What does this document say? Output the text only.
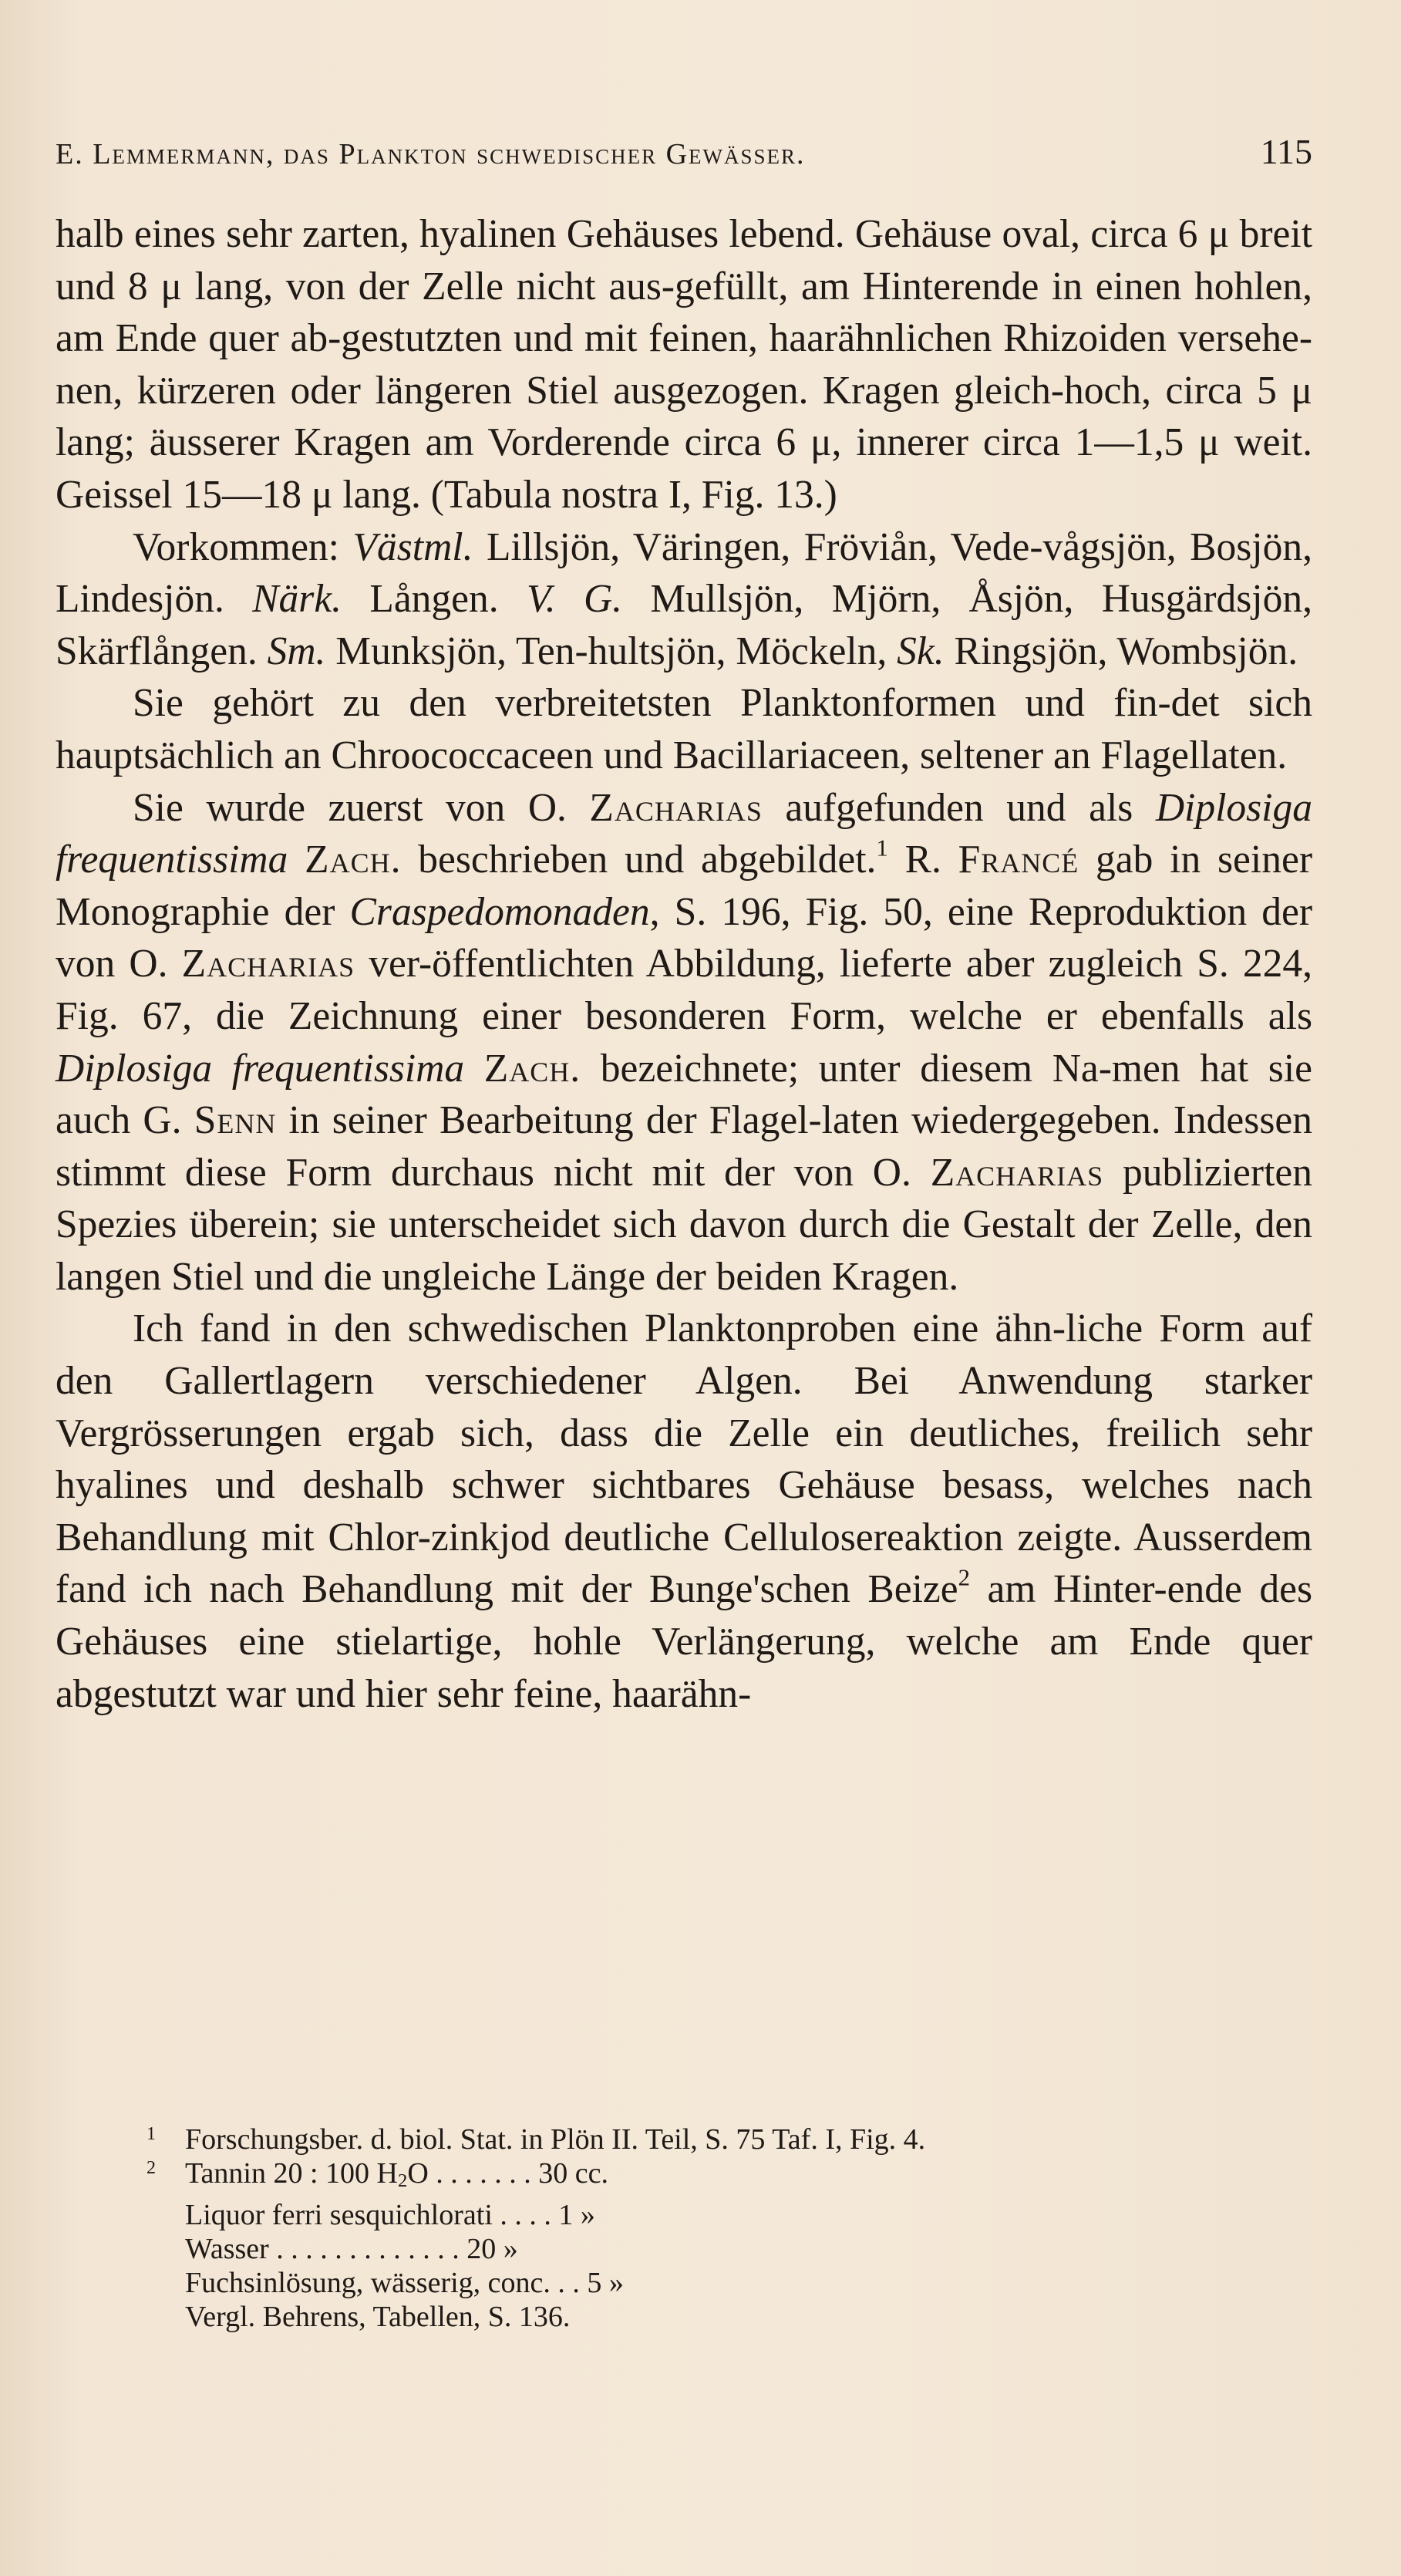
E. Lemmermann, das Plankton schwedischer Gewässer.	115

halb eines sehr zarten, hyalinen Gehäuses lebend. Gehäuse oval, circa 6 μ breit und 8 μ lang, von der Zelle nicht aus-gefüllt, am Hinterende in einen hohlen, am Ende quer ab-gestutzten und mit feinen, haarähnlichen Rhizoiden versehe-nen, kürzeren oder längeren Stiel ausgezogen. Kragen gleich-hoch, circa 5 μ lang; äusserer Kragen am Vorderende circa 6 μ, innerer circa 1—1,5 μ weit. Geissel 15—18 μ lang. (Tabula nostra I, Fig. 13.)

Vorkommen: Västml. Lillsjön, Väringen, Fröviån, Vede-vågsjön, Bosjön, Lindesjön. Närk. Lången. V. G. Mullsjön, Mjörn, Åsjön, Husgärdsjön, Skärflången. Sm. Munksjön, Ten-hultsjön, Möckeln, Sk. Ringsjön, Wombsjön.

Sie gehört zu den verbreitetsten Planktonformen und fin-det sich hauptsächlich an Chroococcaceen und Bacillariaceen, seltener an Flagellaten.

Sie wurde zuerst von O. Zacharias aufgefunden und als Diplosiga frequentissima Zach. beschrieben und abgebildet.$^1$ R. Francé gab in seiner Monographie der Craspedomonaden, S. 196, Fig. 50, eine Reproduktion der von O. Zacharias ver-öffentlichten Abbildung, lieferte aber zugleich S. 224, Fig. 67, die Zeichnung einer besonderen Form, welche er ebenfalls als Diplosiga frequentissima Zach. bezeichnete; unter diesem Na-men hat sie auch G. Senn in seiner Bearbeitung der Flagel-laten wiedergegeben. Indessen stimmt diese Form durchaus nicht mit der von O. Zacharias publizierten Spezies überein; sie unterscheidet sich davon durch die Gestalt der Zelle, den langen Stiel und die ungleiche Länge der beiden Kragen.

Ich fand in den schwedischen Planktonproben eine ähn-liche Form auf den Gallertlagern verschiedener Algen. Bei Anwendung starker Vergrösserungen ergab sich, dass die Zelle ein deutliches, freilich sehr hyalines und deshalb schwer sichtbares Gehäuse besass, welches nach Behandlung mit Chlor-zinkjod deutliche Cellulosereaktion zeigte. Ausserdem fand ich nach Behandlung mit der Bunge'schen Beize$^2$ am Hinter-ende des Gehäuses eine stielartige, hohle Verlängerung, welche am Ende quer abgestutzt war und hier sehr feine, haarähn-

1	Forschungsber. d. biol. Stat. in Plön II. Teil, S. 75 Taf. I, Fig. 4.
2	Tannin 20 : 100 $H_2O$ . . . . . . . 30 cc.
Liquor ferri sesquichlorati . . . . 1 »
Wasser . . . . . . . . . . . . . 20 »
Fuchsinlösung, wässerig, conc. . . 5 »
Vergl. Behrens, Tabellen, S. 136.
